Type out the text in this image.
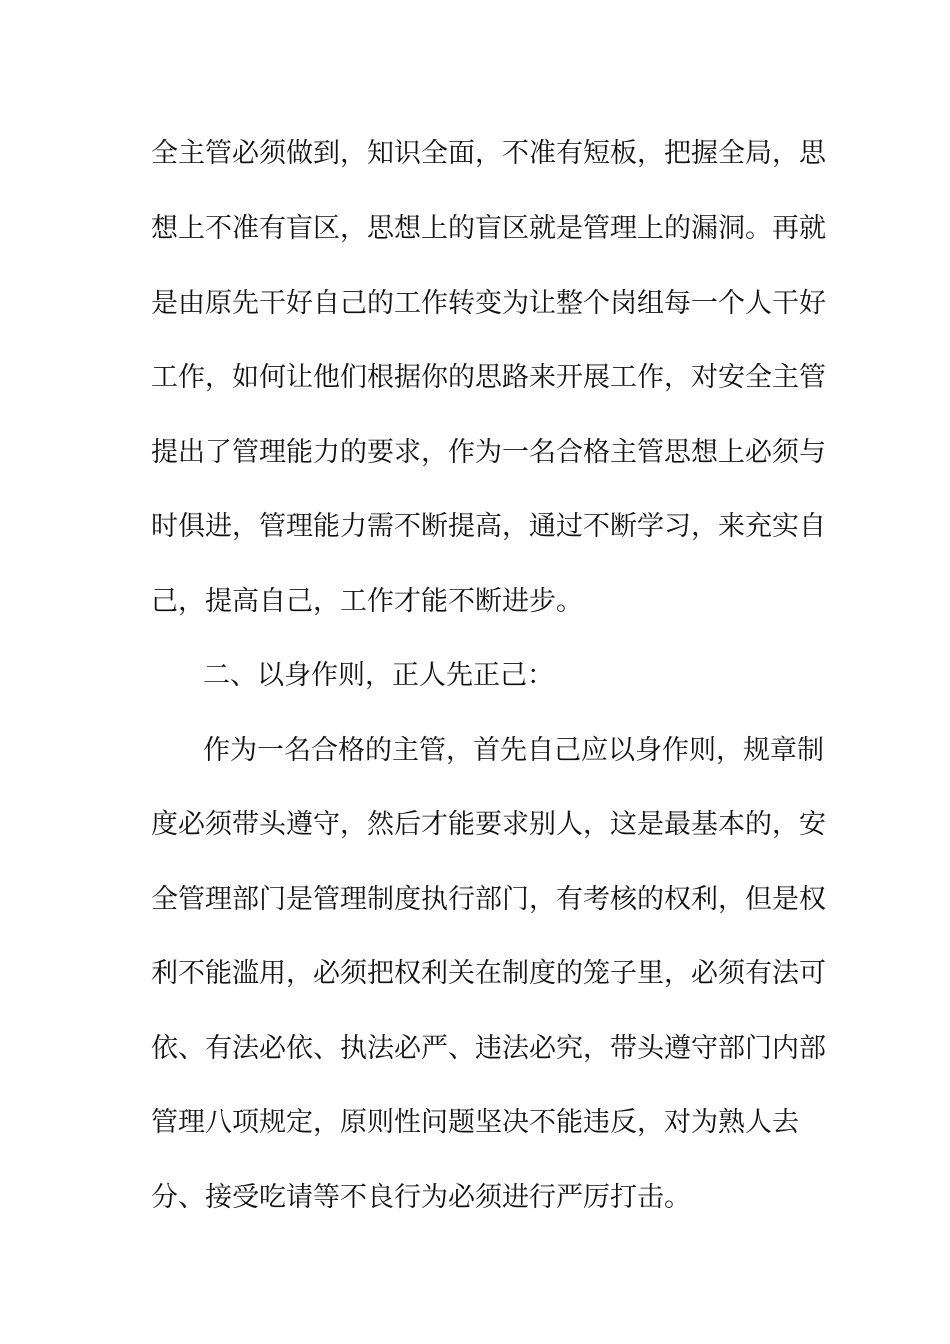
全主管必须做到，知识全面，不准有短板，把握全局，思
想上不准有盲区，思想上的盲区就是管理上的漏洞。再就
是由原先干好自己的工作转变为让整个岗组每一个人干好
工作，如何让他们根据你的思路来开展工作，对安全主管
提出了管理能力的要求，作为一名合格主管思想上必须与
时俱进，管理能力需不断提高，通过不断学习，来充实自
己，提高自己，工作才能不断进步。
二、以身作则，正人先正己：
作为一名合格的主管，首先自己应以身作则，规章制
度必须带头遵守，然后才能要求别人，这是最基本的，安
全管理部门是管理制度执行部门，有考核的权利，但是权
利不能滥用，必须把权利关在制度的笼子里，必须有法可
依、有法必依、执法必严、违法必究，带头遵守部门内部
管理八项规定，原则性问题坚决不能违反，对为熟人去
分、接受吃请等不良行为必须进行严厉打击。
